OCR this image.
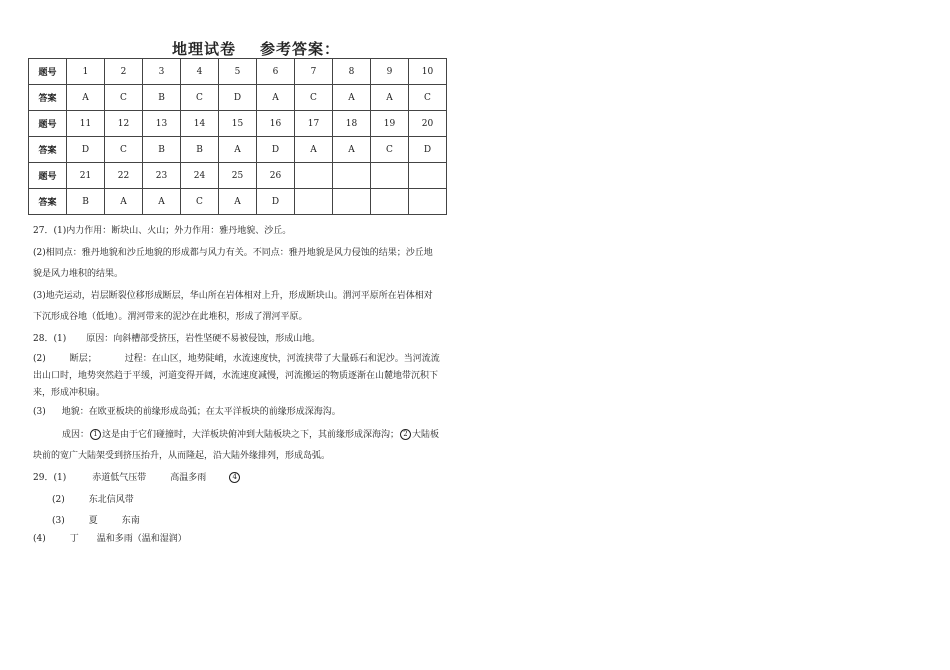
地理试卷 参考答案：
题号	1	2	3	4	5	6	7	8	9	10
答案	A	C	B	C	D	A	C	A	A	C
题号	11	12	13	14	15	16	17	18	19	20
答案	D	C	B	B	A	D	A	A	C	D
题号	21	22	23	24	25	26				
答案	B	A	A	C	A	D				
27．(1)内力作用：断块山、火山；外力作用：雅丹地貌、沙丘。
(2)相同点：雅丹地貌和沙丘地貌的形成都与风力有关。不同点：雅丹地貌是风力侵蚀的结果；沙丘地
貌是风力堆积的结果。
(3)地壳运动，岩层断裂位移形成断层，华山所在岩体相对上升，形成断块山。渭河平原所在岩体相对
下沉形成谷地（低地）。渭河带来的泥沙在此堆积，形成了渭河平原。
28．(1) 原因：向斜槽部受挤压，岩性坚硬不易被侵蚀，形成山地。
(2)	断层；	过程：在山区，地势陡峭，水流速度快，河流挟带了大量砾石和泥沙。当河流流
出山口时，地势突然趋于平缓，河道变得开阔，水流速度减慢，河流搬运的物质逐渐在山麓地带沉积下
来，形成冲积扇。
(3) 地貌：在欧亚板块的前缘形成岛弧；在太平洋板块的前缘形成深海沟。
成因： 1 这是由于它们碰撞时，大洋板块俯冲到大陆板块之下，其前缘形成深海沟； 2 大陆板
块前的宽广大陆架受到挤压抬升，从而隆起，沿大陆外缘排列，形成岛弧。
29．(1)	赤道低气压带	高温多雨	4
(2)	东北信风带
(3)	夏	东南
(4)	丁 温和多雨（温和湿润）
